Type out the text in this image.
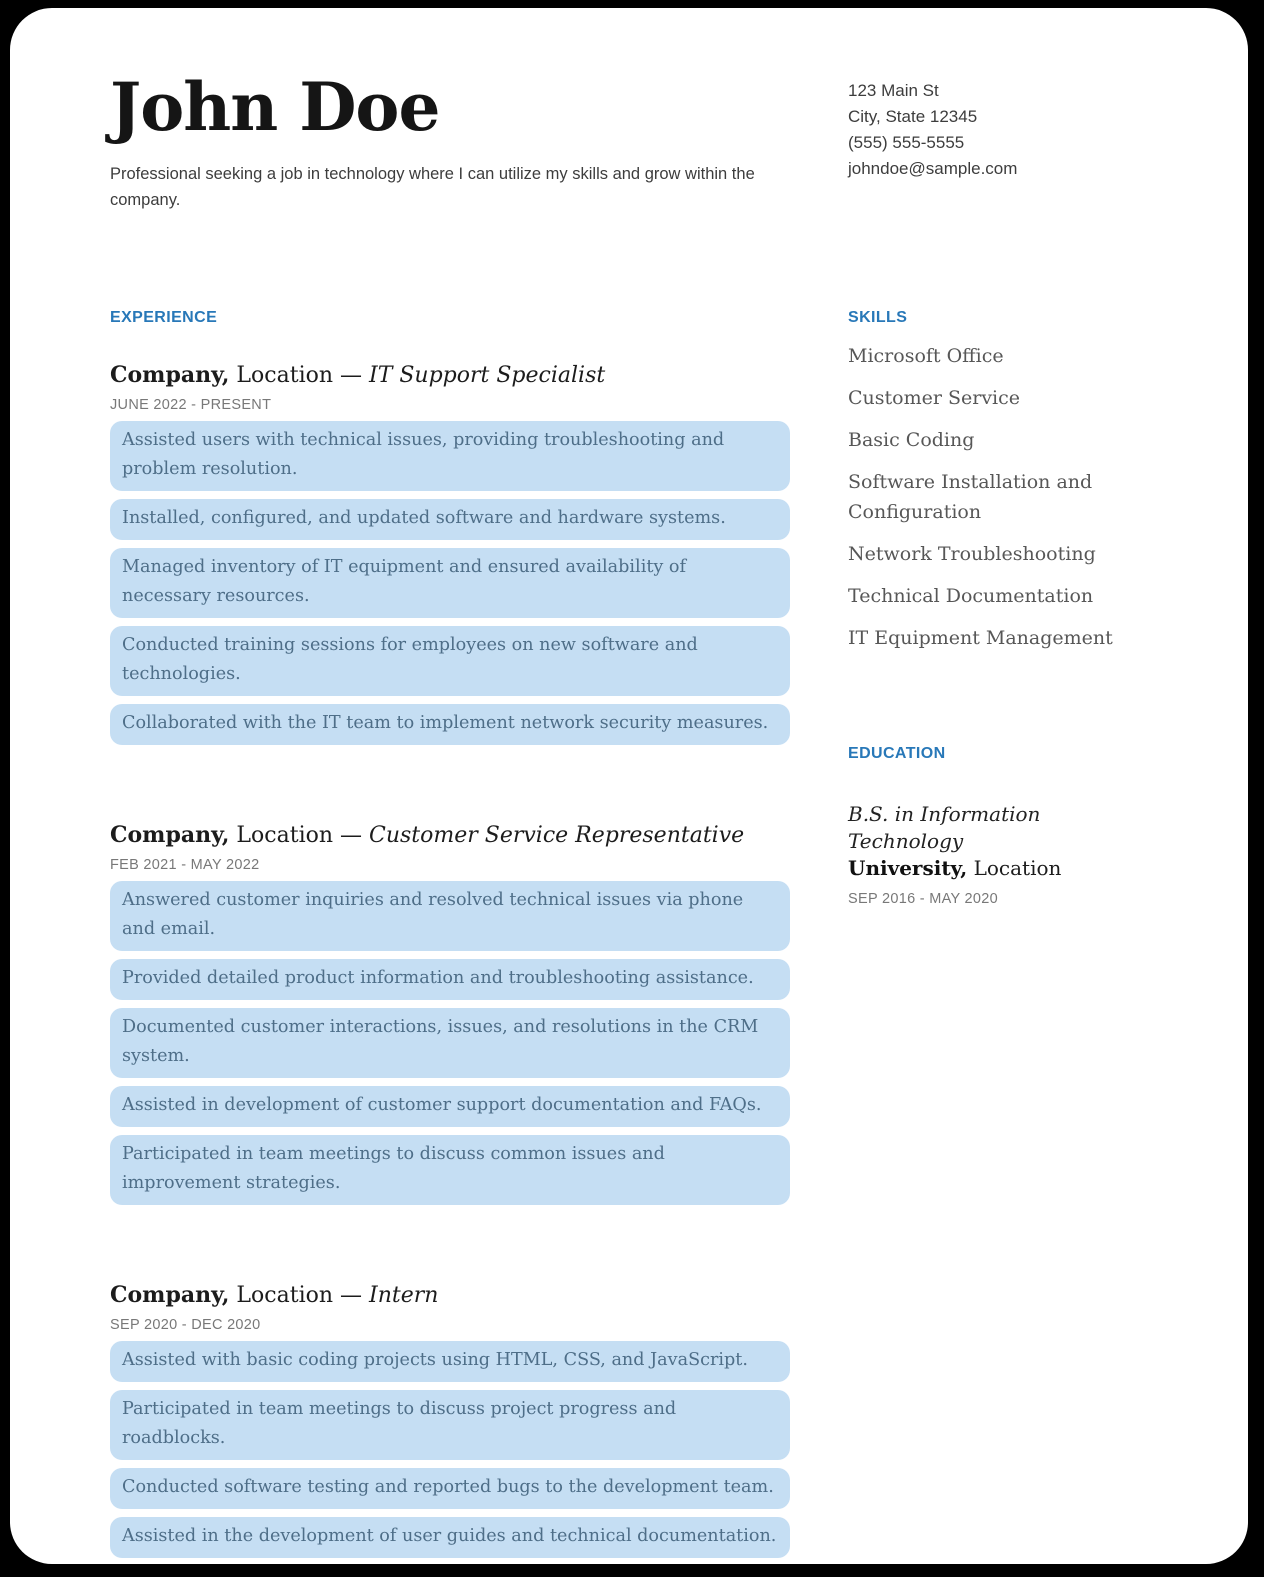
John Doe
Professional seeking a job in technology where I can utilize my skills and grow within the company.
123 Main St
City, State 12345
(555) 555-5555
johndoe@sample.com
EXPERIENCE
Company, Location — IT Support Specialist
JUNE 2022 - PRESENT
Assisted users with technical issues, providing troubleshooting and problem resolution.
Installed, configured, and updated software and hardware systems.
Managed inventory of IT equipment and ensured availability of necessary resources.
Conducted training sessions for employees on new software and technologies.
Collaborated with the IT team to implement network security measures.
Company, Location — Customer Service Representative
FEB 2021 - MAY 2022
Answered customer inquiries and resolved technical issues via phone and email.
Provided detailed product information and troubleshooting assistance.
Documented customer interactions, issues, and resolutions in the CRM system.
Assisted in development of customer support documentation and FAQs.
Participated in team meetings to discuss common issues and improvement strategies.
Company, Location — Intern
SEP 2020 - DEC 2020
Assisted with basic coding projects using HTML, CSS, and JavaScript.
Participated in team meetings to discuss project progress and roadblocks.
Conducted software testing and reported bugs to the development team.
Assisted in the development of user guides and technical documentation.
SKILLS
Microsoft Office
Customer Service
Basic Coding
Software Installation and Configuration
Network Troubleshooting
Technical Documentation
IT Equipment Management
EDUCATION
B.S. in Information Technology
University, Location
SEP 2016 - MAY 2020
